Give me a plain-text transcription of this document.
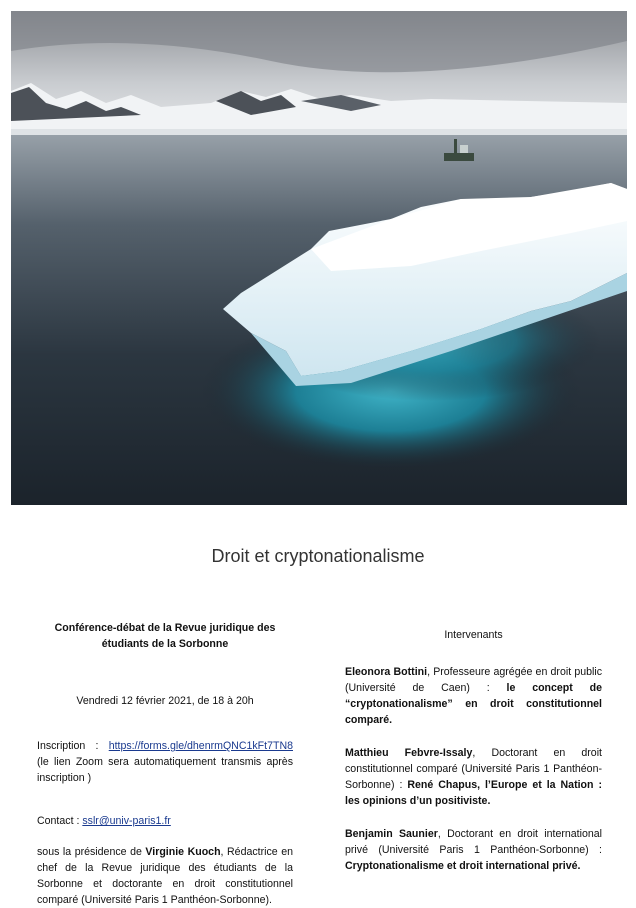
Droit et cryptonationalisme

Conférence-débat de la Revue juridique des étudiants de la Sorbonne

Vendredi 12 février 2021, de 18 à 20h

Inscription : https://forms.gle/dhenrmQNC1kFt7TN8 (le lien Zoom sera automatiquement transmis après inscription )

Contact : sslr@univ-paris1.fr

sous la présidence de Virginie Kuoch, Rédactrice en chef de la Revue juridique des étudiants de la Sorbonne et doctorante en droit constitutionnel comparé (Université Paris 1 Panthéon-Sorbonne).

Intervenants

Eleonora Bottini, Professeure agrégée en droit public (Université de Caen) : le concept de “cryptonationalisme” en droit constitutionnel comparé.

Matthieu Febvre-Issaly, Doctorant en droit constitutionnel comparé (Université Paris 1 Panthéon-Sorbonne) : René Chapus, l’Europe et la Nation : les opinions d’un positiviste.

Benjamin Saunier, Doctorant en droit international privé (Université Paris 1 Panthéon-Sorbonne) : Cryptonationalisme et droit international privé.
